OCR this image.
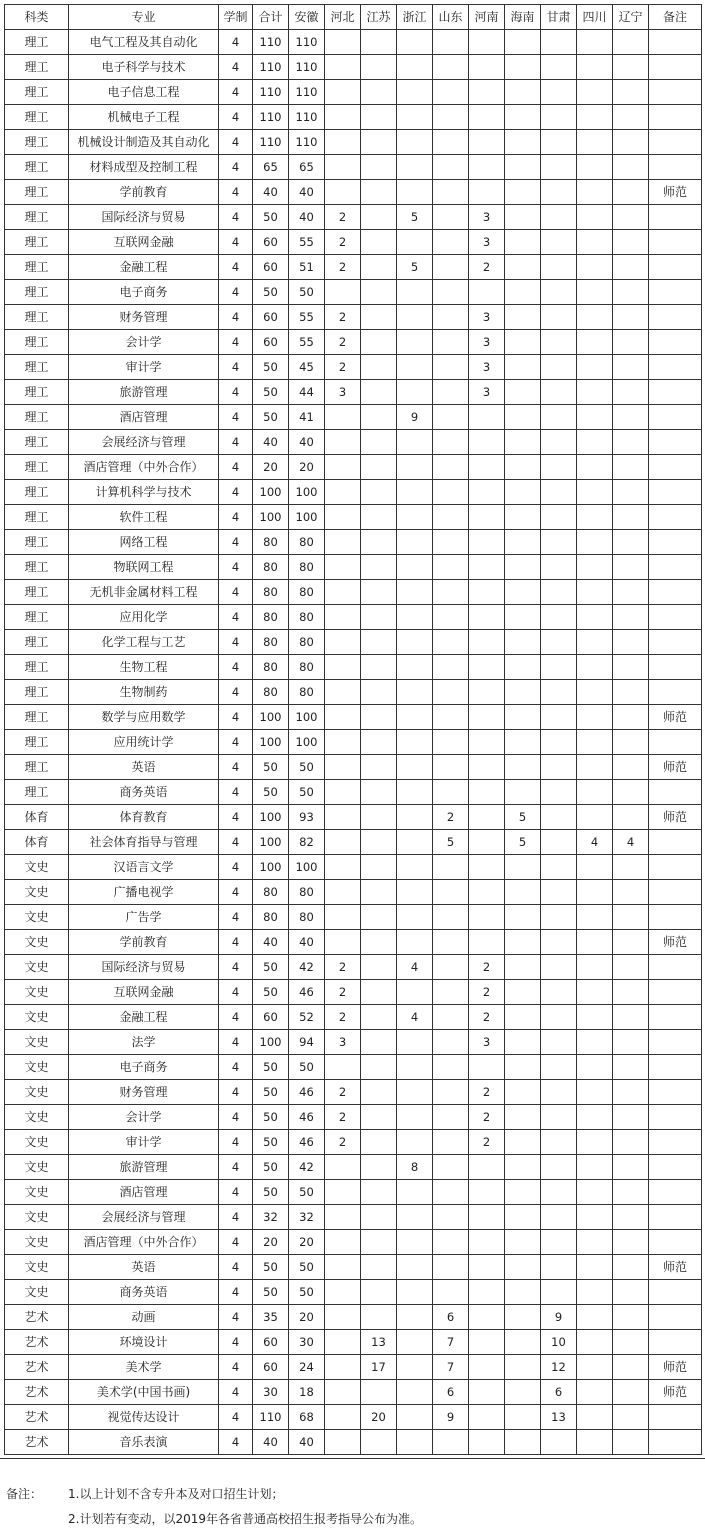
科类	专业	学制	合计	安徽	河北	江苏	浙江	山东	河南	海南	甘肃	四川	辽宁	备注
理工	电气工程及其自动化	4	110	110										
理工	电子科学与技术	4	110	110										
理工	电子信息工程	4	110	110										
理工	机械电子工程	4	110	110										
理工	机械设计制造及其自动化	4	110	110										
理工	材料成型及控制工程	4	65	65										
理工	学前教育	4	40	40										师范
理工	国际经济与贸易	4	50	40	2		5		3					
理工	互联网金融	4	60	55	2				3					
理工	金融工程	4	60	51	2		5		2					
理工	电子商务	4	50	50										
理工	财务管理	4	60	55	2				3					
理工	会计学	4	60	55	2				3					
理工	审计学	4	50	45	2				3					
理工	旅游管理	4	50	44	3				3					
理工	酒店管理	4	50	41			9							
理工	会展经济与管理	4	40	40										
理工	酒店管理（中外合作）	4	20	20										
理工	计算机科学与技术	4	100	100										
理工	软件工程	4	100	100										
理工	网络工程	4	80	80										
理工	物联网工程	4	80	80										
理工	无机非金属材料工程	4	80	80										
理工	应用化学	4	80	80										
理工	化学工程与工艺	4	80	80										
理工	生物工程	4	80	80										
理工	生物制药	4	80	80										
理工	数学与应用数学	4	100	100										师范
理工	应用统计学	4	100	100										
理工	英语	4	50	50										师范
理工	商务英语	4	50	50										
体育	体育教育	4	100	93				2		5				师范
体育	社会体育指导与管理	4	100	82				5		5		4	4	
文史	汉语言文学	4	100	100										
文史	广播电视学	4	80	80										
文史	广告学	4	80	80										
文史	学前教育	4	40	40										师范
文史	国际经济与贸易	4	50	42	2		4		2					
文史	互联网金融	4	50	46	2				2					
文史	金融工程	4	60	52	2		4		2					
文史	法学	4	100	94	3				3					
文史	电子商务	4	50	50										
文史	财务管理	4	50	46	2				2					
文史	会计学	4	50	46	2				2					
文史	审计学	4	50	46	2				2					
文史	旅游管理	4	50	42			8							
文史	酒店管理	4	50	50										
文史	会展经济与管理	4	32	32										
文史	酒店管理（中外合作）	4	20	20										
文史	英语	4	50	50										师范
文史	商务英语	4	50	50										
艺术	动画	4	35	20				6			9			
艺术	环境设计	4	60	30		13		7			10			
艺术	美术学	4	60	24		17		7			12			师范
艺术	美术学(中国书画)	4	30	18				6			6			师范
艺术	视觉传达设计	4	110	68		20		9			13			
艺术	音乐表演	4	40	40										
备注： 1.以上计划不含专升本及对口招生计划；
2.计划若有变动，以2019年各省普通高校招生报考指导公布为准。
